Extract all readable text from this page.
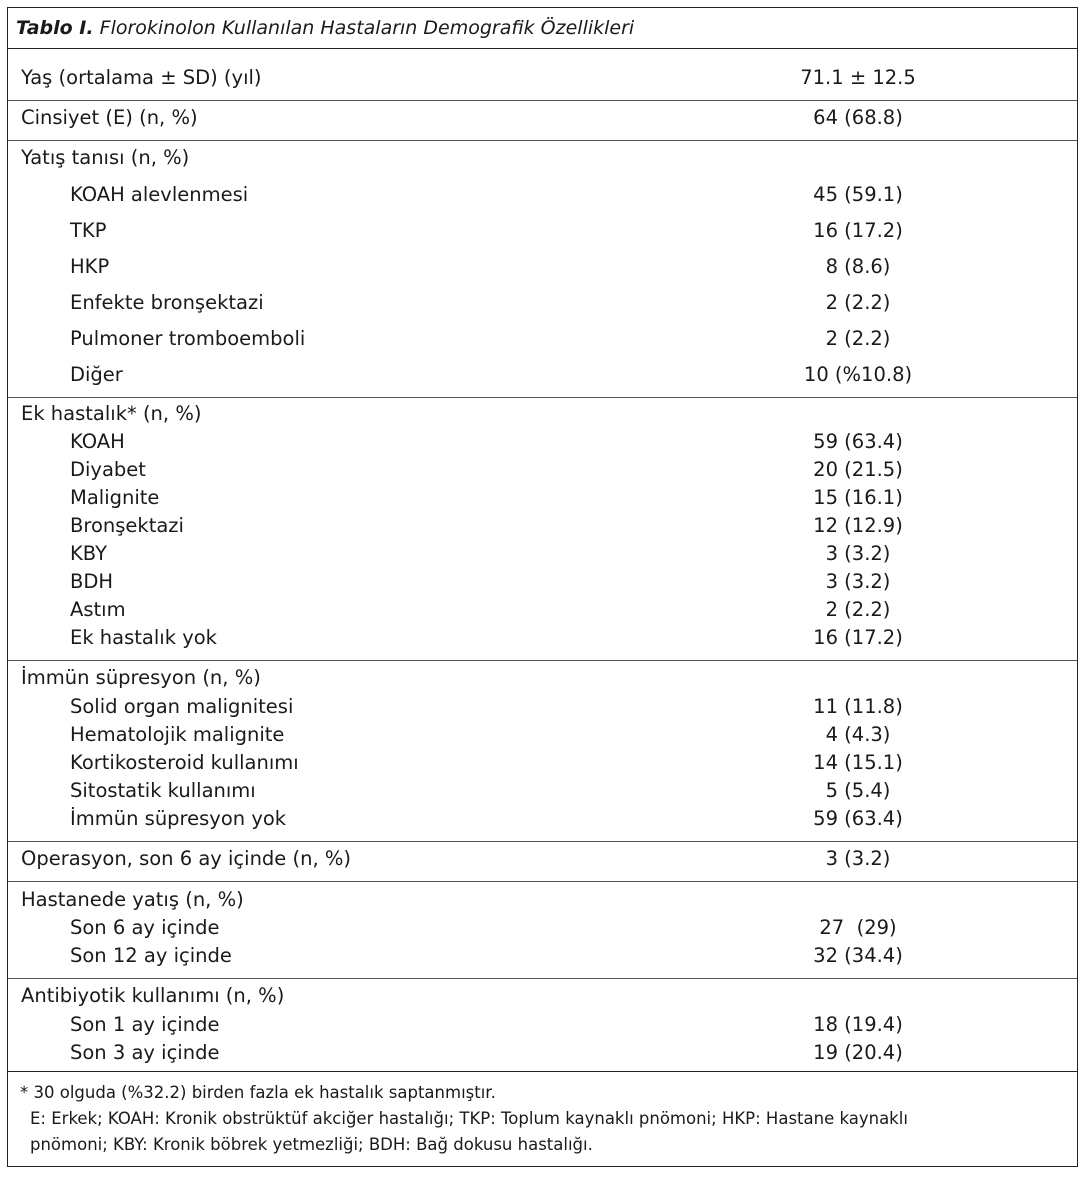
Tablo I. Florokinolon Kullanılan Hastaların Demografik Özellikleri
Yaş (ortalama ± SD) (yıl)	71.1 ± 12.5
Cinsiyet (E) (n, %)	64 (68.8)
Yatış tanısı (n, %)
KOAH alevlenmesi	45 (59.1)
TKP	16 (17.2)
HKP	8 (8.6)
Enfekte bronşektazi	2 (2.2)
Pulmoner tromboemboli	2 (2.2)
Diğer	10 (%10.8)
Ek hastalık* (n, %)
KOAH	59 (63.4)
Diyabet	20 (21.5)
Malignite	15 (16.1)
Bronşektazi	12 (12.9)
KBY	3 (3.2)
BDH	3 (3.2)
Astım	2 (2.2)
Ek hastalık yok	16 (17.2)
İmmün süpresyon (n, %)
Solid organ malignitesi	11 (11.8)
Hematolojik malignite	4 (4.3)
Kortikosteroid kullanımı	14 (15.1)
Sitostatik kullanımı	5 (5.4)
İmmün süpresyon yok	59 (63.4)
Operasyon, son 6 ay içinde (n, %)	3 (3.2)
Hastanede yatış (n, %)
Son 6 ay içinde	27  (29)
Son 12 ay içinde	32 (34.4)
Antibiyotik kullanımı (n, %)
Son 1 ay içinde	18 (19.4)
Son 3 ay içinde	19 (20.4)
* 30 olguda (%32.2) birden fazla ek hastalık saptanmıştır.
E: Erkek; KOAH: Kronik obstrüktüf akciğer hastalığı; TKP: Toplum kaynaklı pnömoni; HKP: Hastane kaynaklı
pnömoni; KBY: Kronik böbrek yetmezliği; BDH: Bağ dokusu hastalığı.
